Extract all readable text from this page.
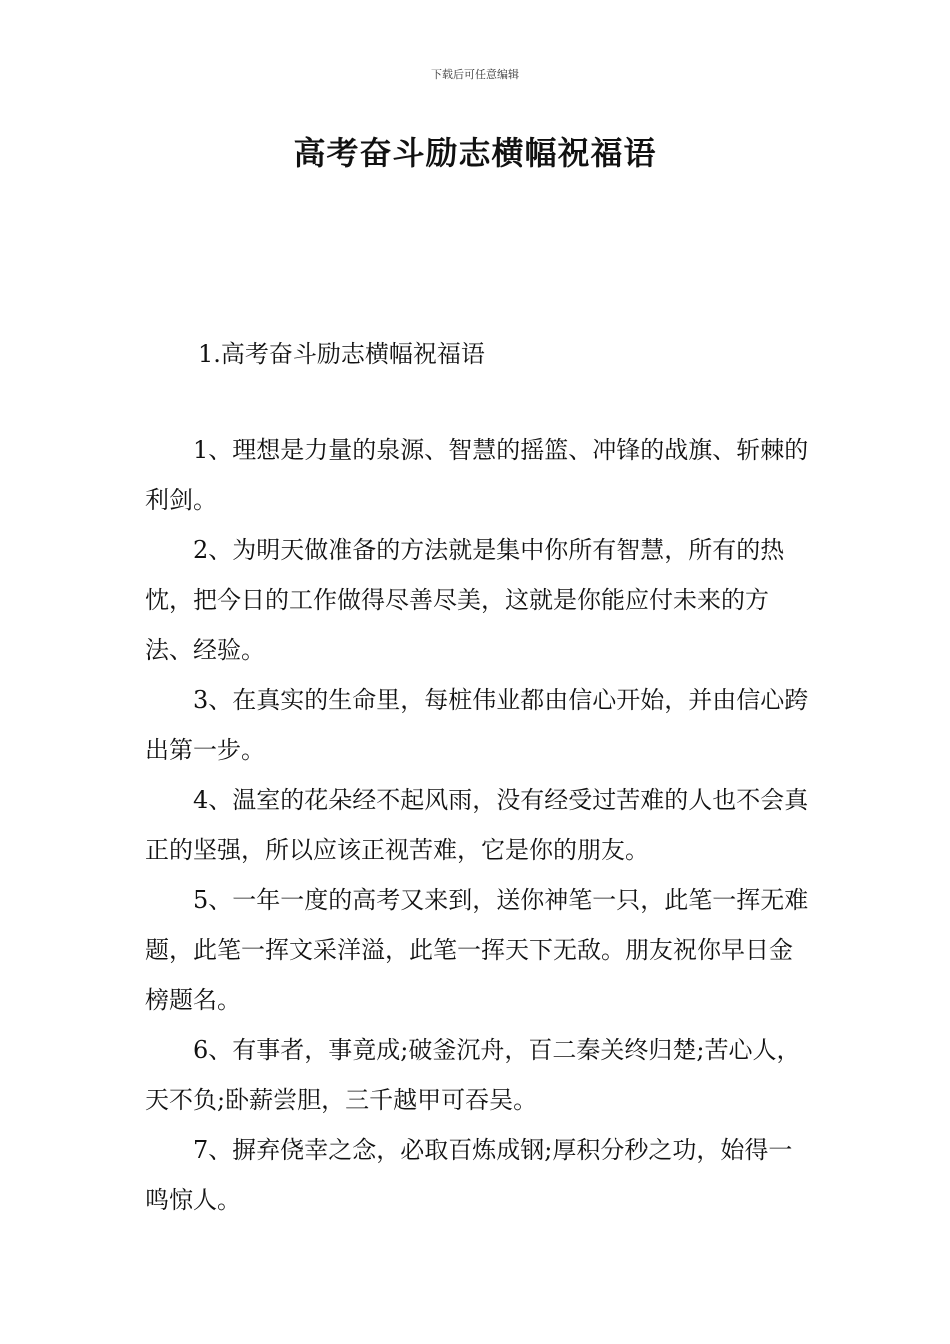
下载后可任意编辑
高考奋斗励志横幅祝福语
1.高考奋斗励志横幅祝福语

1、理想是力量的泉源、智慧的摇篮、冲锋的战旗、斩棘的利剑。

2、为明天做准备的方法就是集中你所有智慧，所有的热忱，把今日的工作做得尽善尽美，这就是你能应付未来的方法、经验。

3、在真实的生命里，每桩伟业都由信心开始，并由信心跨出第一步。

4、温室的花朵经不起风雨，没有经受过苦难的人也不会真正的坚强，所以应该正视苦难，它是你的朋友。

5、一年一度的高考又来到，送你神笔一只，此笔一挥无难题，此笔一挥文采洋溢，此笔一挥天下无敌。朋友祝你早日金榜题名。

6、有事者，事竟成;破釜沉舟，百二秦关终归楚;苦心人，天不负;卧薪尝胆，三千越甲可吞吴。

7、摒弃侥幸之念，必取百炼成钢;厚积分秒之功，始得一鸣惊人。
